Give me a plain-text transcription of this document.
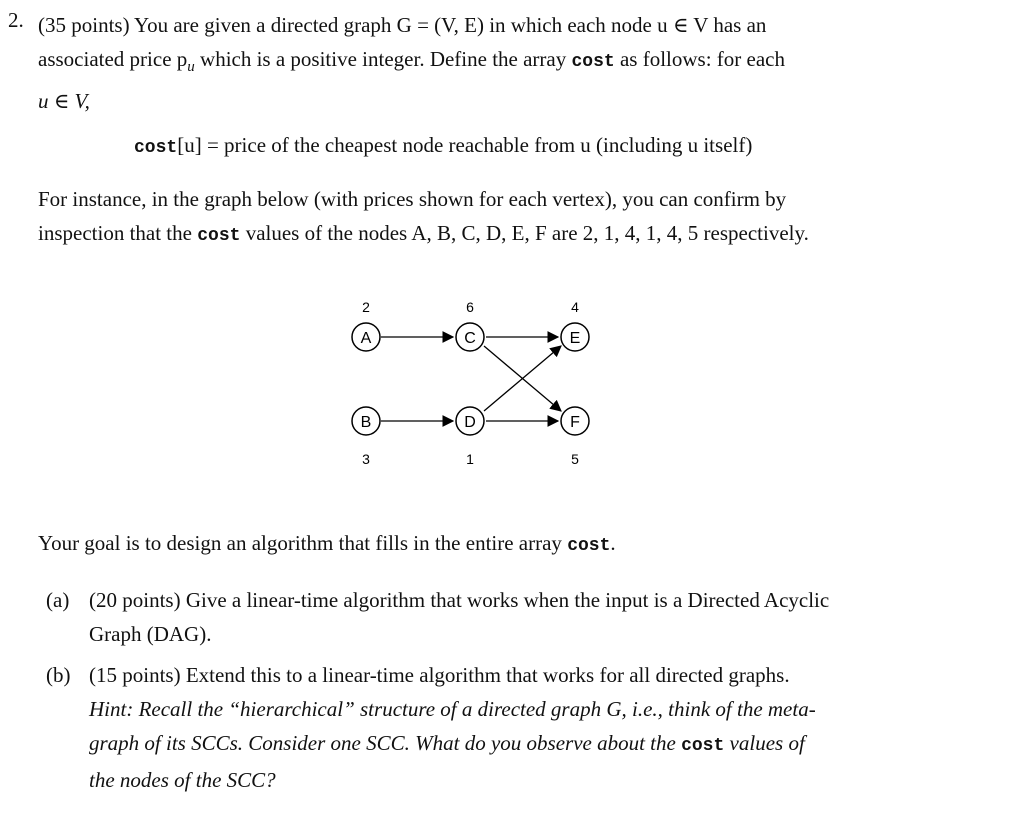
2. (35 points) You are given a directed graph G = (V, E) in which each node u ∈ V has an
associated price $p_u$ which is a positive integer. Define the array cost as follows: for each
u ∈ V,
cost[u] = price of the cheapest node reachable from u (including u itself)
For instance, in the graph below (with prices shown for each vertex), you can confirm by
inspection that the cost values of the nodes A, B, C, D, E, F are 2, 1, 4, 1, 4, 5 respectively.
A
2
B
3
C
6
D
1
E
4
F
5
Your goal is to design an algorithm that fills in the entire array cost.
(a) (20 points) Give a linear-time algorithm that works when the input is a Directed Acyclic
Graph (DAG).
(b) (15 points) Extend this to a linear-time algorithm that works for all directed graphs.
Hint: Recall the “hierarchical” structure of a directed graph G, i.e., think of the meta-
graph of its SCCs. Consider one SCC. What do you observe about the cost values of
the nodes of the SCC?
